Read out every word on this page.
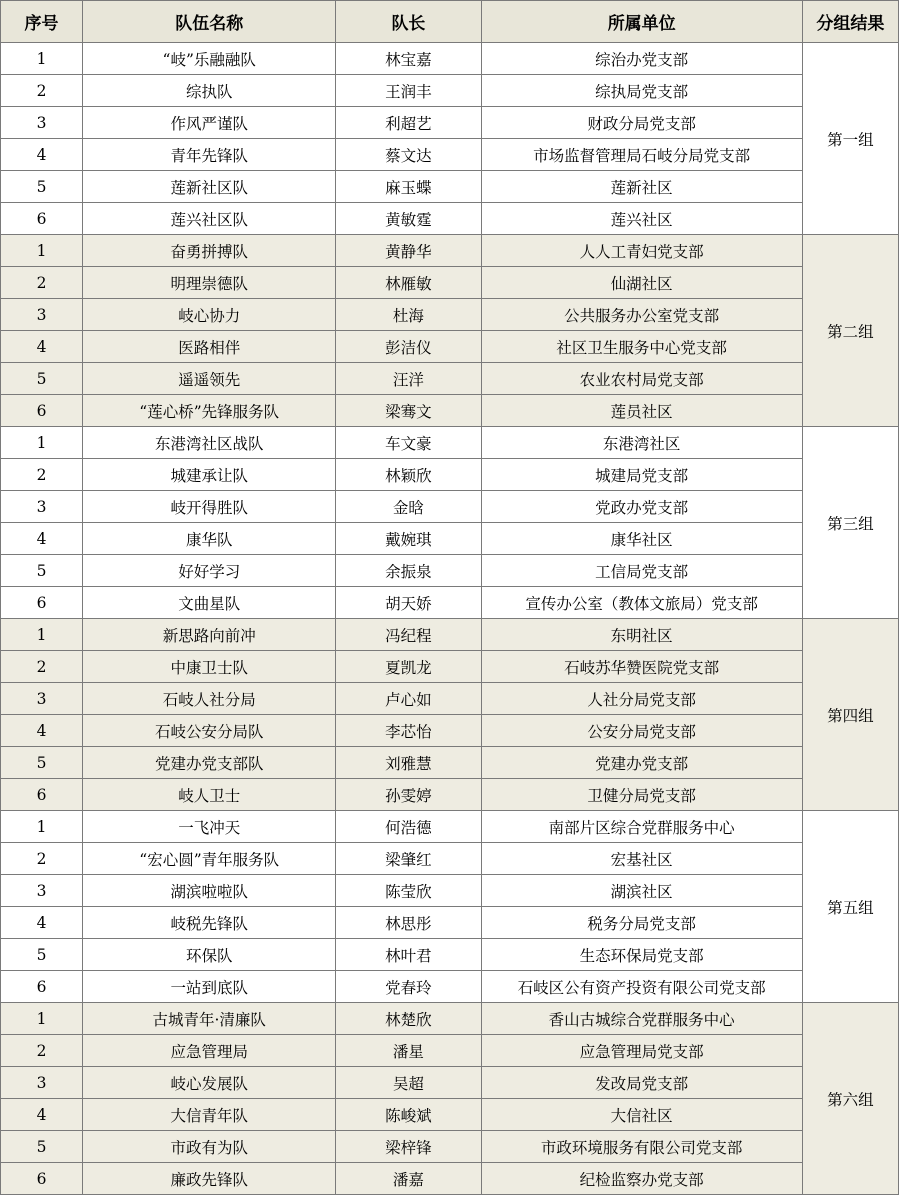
序号	队伍名称	队长	所属单位	分组结果
1	“岐”乐融融队	林宝嘉	综治办党支部	第一组
2	综执队	王润丰	综执局党支部	
3	作风严谨队	利超艺	财政分局党支部	
4	青年先锋队	蔡文达	市场监督管理局石岐分局党支部	
5	莲新社区队	麻玉蝶	莲新社区	
6	莲兴社区队	黄敏霆	莲兴社区	
1	奋勇拼搏队	黄静华	人人工青妇党支部	第二组
2	明理崇德队	林雁敏	仙湖社区	
3	岐心协力	杜海	公共服务办公室党支部	
4	医路相伴	彭洁仪	社区卫生服务中心党支部	
5	遥遥领先	汪洋	农业农村局党支部	
6	“莲心桥”先锋服务队	梁骞文	莲员社区	
1	东港湾社区战队	车文豪	东港湾社区	第三组
2	城建承让队	林颖欣	城建局党支部	
3	岐开得胜队	金晗	党政办党支部	
4	康华队	戴婉琪	康华社区	
5	好好学习	余振泉	工信局党支部	
6	文曲星队	胡天娇	宣传办公室（教体文旅局）党支部	
1	新思路向前冲	冯纪程	东明社区	第四组
2	中康卫士队	夏凯龙	石岐苏华赞医院党支部	
3	石岐人社分局	卢心如	人社分局党支部	
4	石岐公安分局队	李芯怡	公安分局党支部	
5	党建办党支部队	刘雅慧	党建办党支部	
6	岐人卫士	孙雯婷	卫健分局党支部	
1	一飞冲天	何浩德	南部片区综合党群服务中心	第五组
2	“宏心圆”青年服务队	梁肇红	宏基社区	
3	湖滨啦啦队	陈莹欣	湖滨社区	
4	岐税先锋队	林思彤	税务分局党支部	
5	环保队	林叶君	生态环保局党支部	
6	一站到底队	党春玲	石岐区公有资产投资有限公司党支部	
1	古城青年·清廉队	林楚欣	香山古城综合党群服务中心	第六组
2	应急管理局	潘星	应急管理局党支部	
3	岐心发展队	吴超	发改局党支部	
4	大信青年队	陈峻斌	大信社区	
5	市政有为队	梁梓锋	市政环境服务有限公司党支部	
6	廉政先锋队	潘嘉	纪检监察办党支部	
